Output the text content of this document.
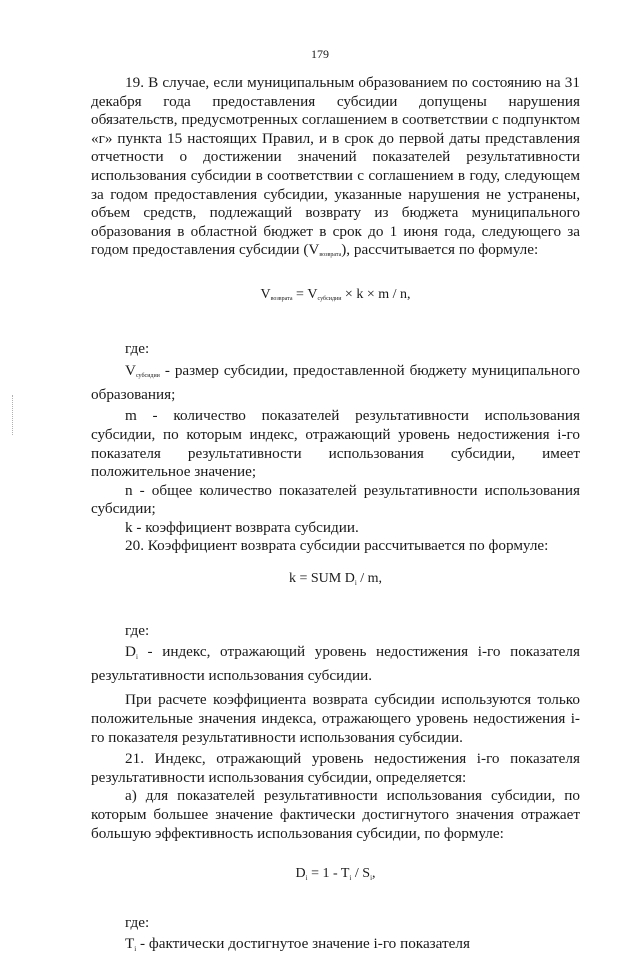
179

19. В случае, если муниципальным образованием по состоянию на 31 декабря года предоставления субсидии допущены нарушения обязательств, предусмотренных соглашением в соответствии с подпунктом «г» пункта 15 настоящих Правил, и в срок до первой даты представления отчетности о достижении значений показателей результативности использования субсидии в соответствии с соглашением в году, следующем за годом предоставления субсидии, указанные нарушения не устранены, объем средств, подлежащий возврату из бюджета муниципального образования в областной бюджет в срок до 1 июня года, следующего за годом предоставления субсидии $(V_{возврата})$, рассчитывается по формуле:

$V_{возврата} = V_{субсидии} \times k \times m / n$,

где:

$V_{субсидии}$ - размер субсидии, предоставленной бюджету муниципального образования;

m - количество показателей результативности использования субсидии, по которым индекс, отражающий уровень недостижения i-го показателя результативности использования субсидии, имеет положительное значение;

n - общее количество показателей результативности использования субсидии;

k - коэффициент возврата субсидии.

20. Коэффициент возврата субсидии рассчитывается по формуле:

k = SUM $D_i$ / m,

где:

Di - индекс, отражающий уровень недостижения i-го показателя результативности использования субсидии.

При расчете коэффициента возврата субсидии используются только положительные значения индекса, отражающего уровень недостижения i-го показателя результативности использования субсидии.

21. Индекс, отражающий уровень недостижения i-го показателя результативности использования субсидии, определяется:

а) для показателей результативности использования субсидии, по которым большее значение фактически достигнутого значения отражает большую эффективность использования субсидии, по формуле:

$D_i = 1 - T_i / S_i$,

где:

Ti - фактически достигнутое значение i-го показателя
